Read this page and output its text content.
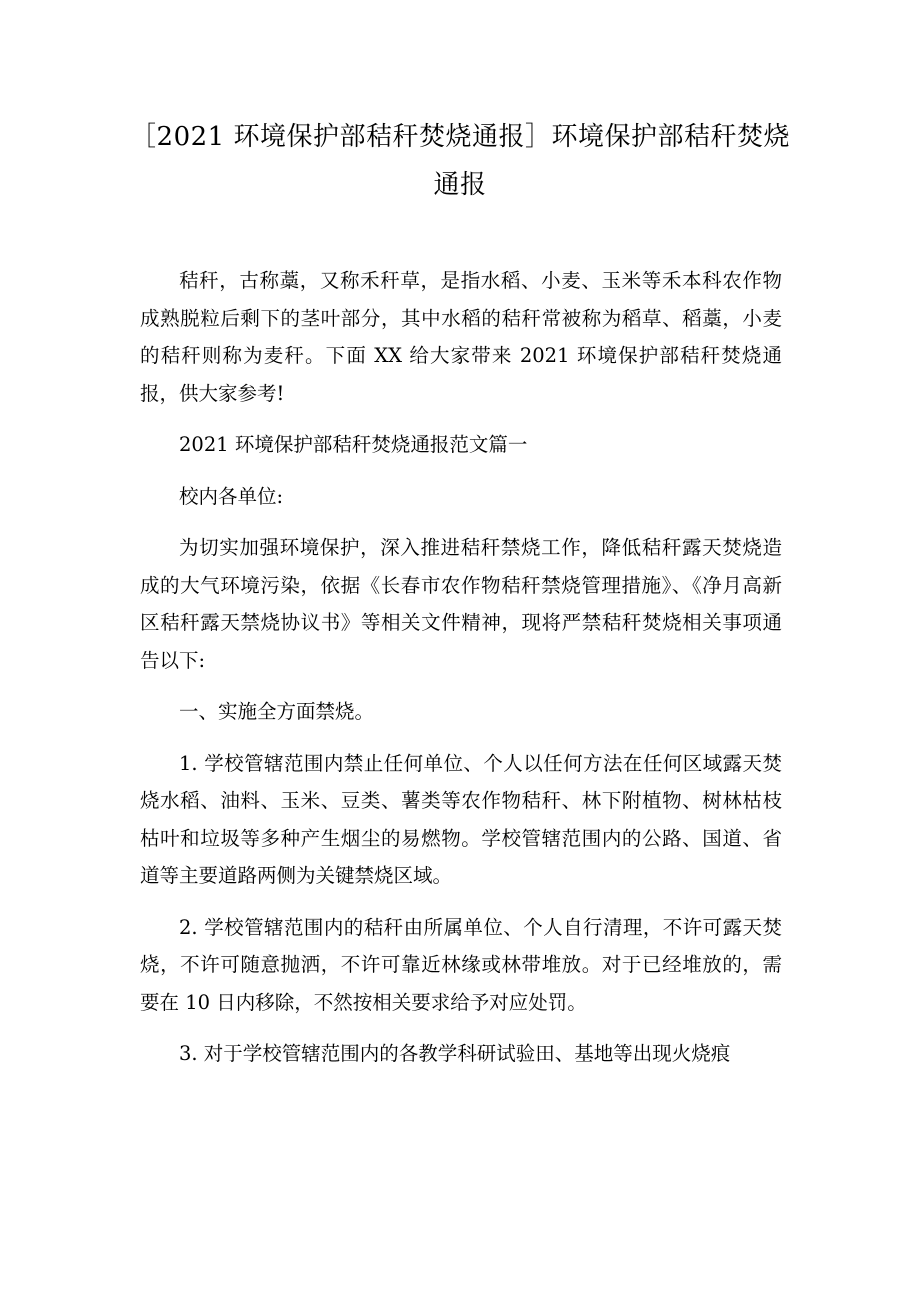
［2021 环境保护部秸秆焚烧通报］环境保护部秸秆焚烧通报

秸秆，古称藁，又称禾秆草，是指水稻、小麦、玉米等禾本科农作物成熟脱粒后剩下的茎叶部分，其中水稻的秸秆常被称为稻草、稻藁，小麦的秸秆则称为麦秆。下面 XX 给大家带来 2021 环境保护部秸秆焚烧通报，供大家参考!

2021 环境保护部秸秆焚烧通报范文篇一

校内各单位:

为切实加强环境保护，深入推进秸秆禁烧工作，降低秸秆露天焚烧造成的大气环境污染，依据《长春市农作物秸秆禁烧管理措施》、《净月高新区秸秆露天禁烧协议书》等相关文件精神，现将严禁秸秆焚烧相关事项通告以下:

一、实施全方面禁烧。

1. 学校管辖范围内禁止任何单位、个人以任何方法在任何区域露天焚烧水稻、油料、玉米、豆类、薯类等农作物秸秆、林下附植物、树林枯枝枯叶和垃圾等多种产生烟尘的易燃物。学校管辖范围内的公路、国道、省道等主要道路两侧为关键禁烧区域。

2. 学校管辖范围内的秸秆由所属单位、个人自行清理，不许可露天焚烧，不许可随意抛洒，不许可靠近林缘或林带堆放。对于已经堆放的，需要在 10 日内移除，不然按相关要求给予对应处罚。

3. 对于学校管辖范围内的各教学科研试验田、基地等出现火烧痕
